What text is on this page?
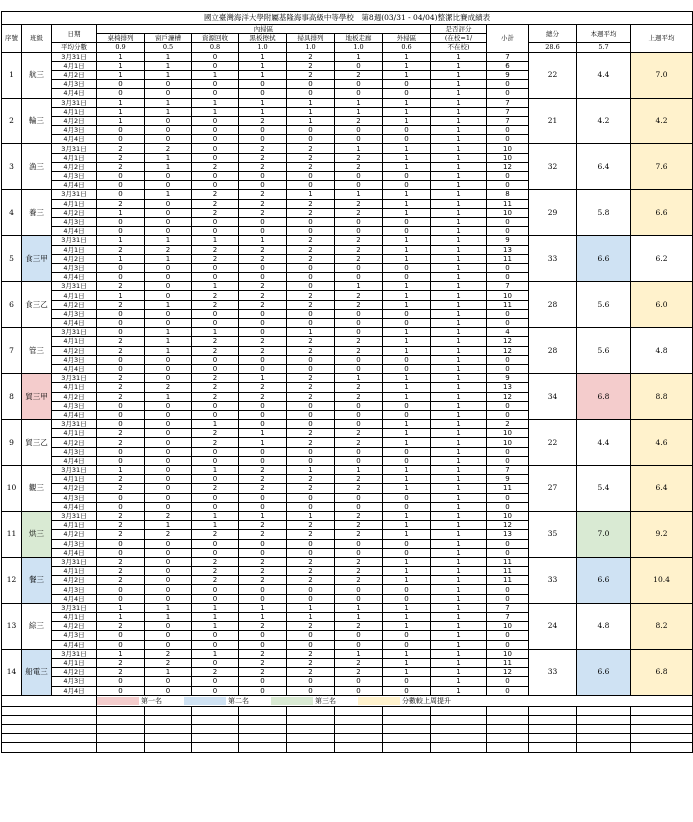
國立臺灣海洋大學附屬基隆海事高級中等學校　第8週(03/31 - 04/04)整潔比賽成績表														
序號	班級	日期	內掃區							是否評分	小計	總分	本週平均	上週平均
			桌椅排列	窗戶濂槽	資源回收	黑板擦拭	掃具排列	地板走廊	外掃區	(在校=1/				
		平均分數	0.9	0.5	0.8	1.0	1.0	1.0	0.6	不在校)		28.6	5.7	
1	航三	3月31日	1	1	0	1	2	1	1	1	7	22	4.4	7.0
		4月1日	1	1	0	1	2	0	1	1	6			
		4月2日	1	1	1	1	2	2	1	1	9			
		4月3日	0	0	0	0	0	0	0	1	0			
		4月4日	0	0	0	0	0	0	0	1	0			
2	輪三	3月31日	1	1	1	1	1	1	1	1	7	21	4.2	4.2
		4月1日	1	1	1	1	1	1	1	1	7			
		4月2日	1	0	0	2	1	2	1	1	7			
		4月3日	0	0	0	0	0	0	0	1	0			
		4月4日	0	0	0	0	0	0	0	1	0			
3	漁三	3月31日	2	2	0	2	2	1	1	1	10	32	6.4	7.6
		4月1日	2	1	0	2	2	2	1	1	10			
		4月2日	2	1	2	2	2	2	1	1	12			
		4月3日	0	0	0	0	0	0	0	1	0			
		4月4日	0	0	0	0	0	0	0	1	0			
4	養三	3月31日	0	1	2	2	1	1	1	1	8	29	5.8	6.6
		4月1日	2	0	2	2	2	2	1	1	11			
		4月2日	1	0	2	2	2	2	1	1	10			
		4月3日	0	0	0	0	0	0	0	1	0			
		4月4日	0	0	0	0	0	0	0	1	0			
5	食三甲	3月31日	1	1	1	1	2	2	1	1	9	33	6.6	6.2
		4月1日	2	2	2	2	2	2	1	1	13			
		4月2日	1	1	2	2	2	2	1	1	11			
		4月3日	0	0	0	0	0	0	0	1	0			
		4月4日	0	0	0	0	0	0	0	1	0			
6	食三乙	3月31日	2	0	1	2	0	1	1	1	7	28	5.6	6.0
		4月1日	1	0	2	2	2	2	1	1	10			
		4月2日	2	1	2	2	2	2	1	1	11			
		4月3日	0	0	0	0	0	0	0	1	0			
		4月4日	0	0	0	0	0	0	0	1	0			
7	管三	3月31日	0	1	1	0	1	0	1	1	4	28	5.6	4.8
		4月1日	2	1	2	2	2	2	1	1	12			
		4月2日	2	1	2	2	2	2	1	1	12			
		4月3日	0	0	0	0	0	0	0	1	0			
		4月4日	0	0	0	0	0	0	0	1	0			
8	貿三甲	3月31日	2	0	2	1	2	1	1	1	9	34	6.8	8.8
		4月1日	2	2	2	2	2	2	1	1	13			
		4月2日	2	1	2	2	2	2	1	1	12			
		4月3日	0	0	0	0	0	0	0	1	0			
		4月4日	0	0	0	0	0	0	0	1	0			
9	貿三乙	3月31日	0	0	1	0	0	0	1	1	2	22	4.4	4.6
		4月1日	2	0	2	1	2	2	1	1	10			
		4月2日	2	0	2	1	2	2	1	1	10			
		4月3日	0	0	0	0	0	0	0	1	0			
		4月4日	0	0	0	0	0	0	0	1	0			
10	觀三	3月31日	1	0	1	2	1	1	1	1	7	27	5.4	6.4
		4月1日	2	0	0	2	2	2	1	1	9			
		4月2日	2	0	2	2	2	2	1	1	11			
		4月3日	0	0	0	0	0	0	0	1	0			
		4月4日	0	0	0	0	0	0	0	1	0			
11	烘三	3月31日	2	2	1	1	1	2	1	1	10	35	7.0	9.2
		4月1日	2	1	1	2	2	2	1	1	12			
		4月2日	2	2	2	2	2	2	1	1	13			
		4月3日	0	0	0	0	0	0	0	1	0			
		4月4日	0	0	0	0	0	0	0	1	0			
12	餐三	3月31日	2	0	2	2	2	2	1	1	11	33	6.6	10.4
		4月1日	2	0	2	2	2	2	1	1	11			
		4月2日	2	0	2	2	2	2	1	1	11			
		4月3日	0	0	0	0	0	0	0	1	0			
		4月4日	0	0	0	0	0	0	0	1	0			
13	綜三	3月31日	1	1	1	1	1	1	1	1	7	24	4.8	8.2
		4月1日	1	1	1	1	1	1	1	1	7			
		4月2日	2	0	1	2	2	2	1	1	10			
		4月3日	0	0	0	0	0	0	0	1	0			
		4月4日	0	0	0	0	0	0	0	1	0			
14	船電三	3月31日	1	2	1	2	2	1	1	1	10	33	6.6	6.8
		4月1日	2	2	0	2	2	2	1	1	11			
		4月2日	2	1	2	2	2	2	1	1	12			
		4月3日	0	0	0	0	0	0	0	1	0			
		4月4日	0	0	0	0	0	0	0	1	0			
			第一名 第二名 第三名 分數較上周提升											
